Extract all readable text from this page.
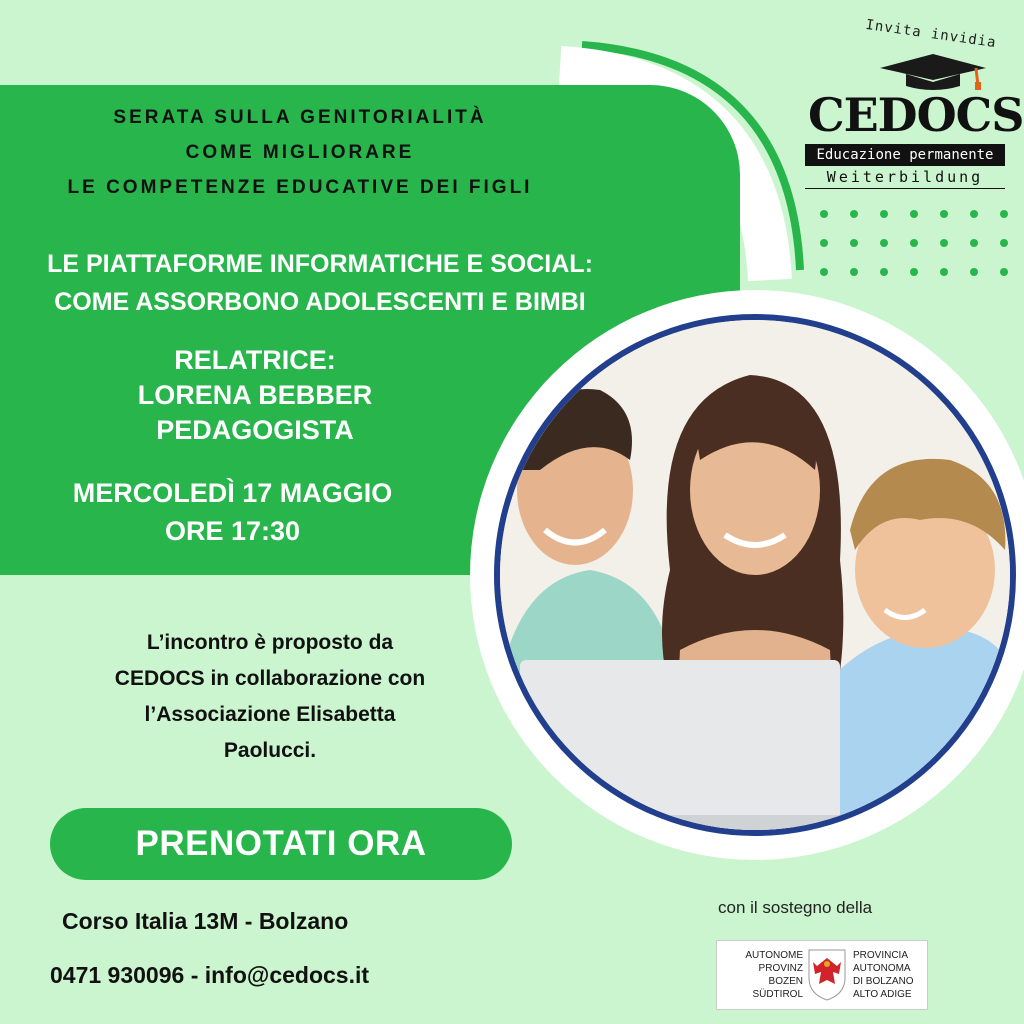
SERATA SULLA GENITORIALITÀ
COME MIGLIORARE
LE COMPETENZE EDUCATIVE DEI FIGLI
LE PIATTAFORME INFORMATICHE E SOCIAL:
COME ASSORBONO ADOLESCENTI E BIMBI
RELATRICE:
LORENA BEBBER
PEDAGOGISTA
MERCOLEDÌ 17 MAGGIO
ORE 17:30
Invita invidia
CEDOCS
Educazione permanente
Weiterbildung
L’incontro è proposto da
CEDOCS in collaborazione con
l’Associazione Elisabetta
Paolucci.
PRENOTATI ORA
Corso Italia 13M - Bolzano
0471 930096 - info@cedocs.it
con il sostegno della
AUTONOME
PROVINZ
BOZEN
SÜDTIROL
PROVINCIA
AUTONOMA
DI BOLZANO
ALTO ADIGE
